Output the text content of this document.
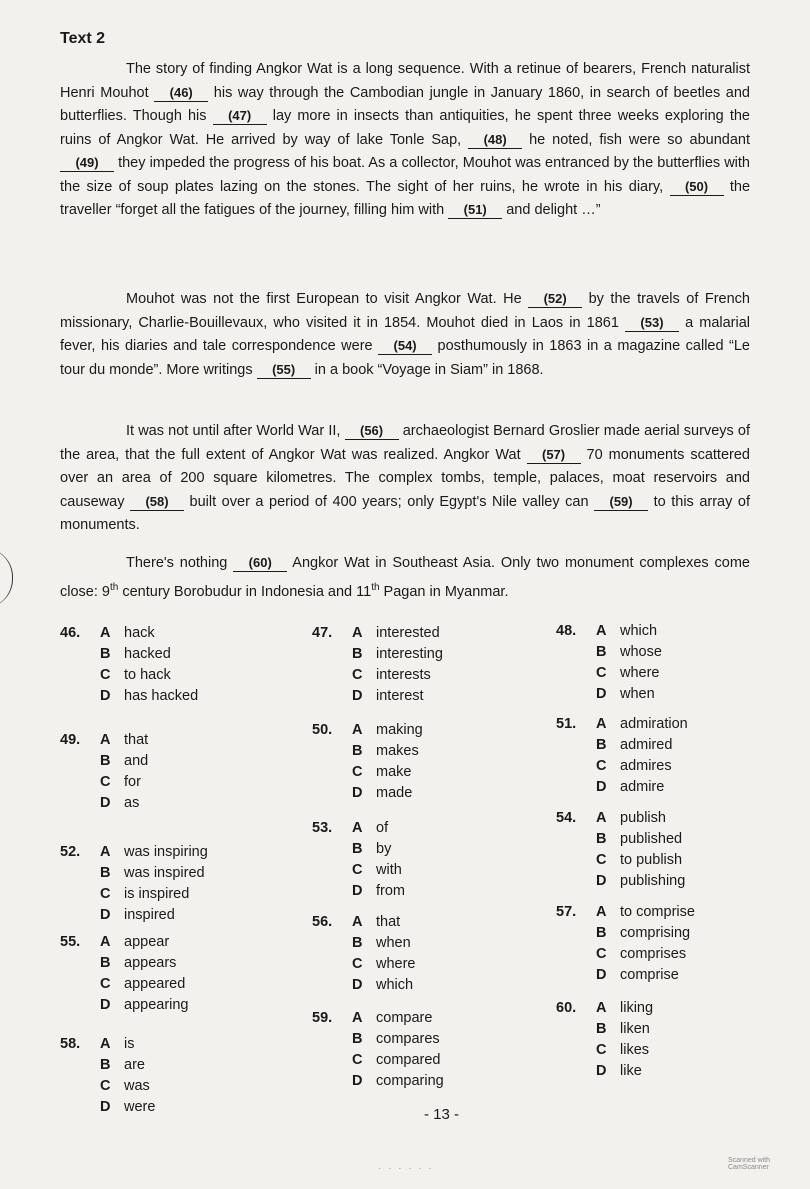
Text 2
The story of finding Angkor Wat is a long sequence. With a retinue of bearers, French naturalist Henri Mouhot (46) his way through the Cambodian jungle in January 1860, in search of beetles and butterflies. Though his (47) lay more in insects than antiquities, he spent three weeks exploring the ruins of Angkor Wat. He arrived by way of lake Tonle Sap, (48) he noted, fish were so abundant (49) they impeded the progress of his boat. As a collector, Mouhot was entranced by the butterflies with the size of soup plates lazing on the stones. The sight of her ruins, he wrote in his diary, (50) the traveller “forget all the fatigues of the journey, filling him with (51) and delight …”
Mouhot was not the first European to visit Angkor Wat. He (52) by the travels of French missionary, Charlie-Bouillevaux, who visited it in 1854. Mouhot died in Laos in 1861 (53) a malarial fever, his diaries and tale correspondence were (54) posthumously in 1863 in a magazine called “Le tour du monde”. More writings (55) in a book “Voyage in Siam” in 1868.
It was not until after World War II, (56) archaeologist Bernard Groslier made aerial surveys of the area, that the full extent of Angkor Wat was realized. Angkor Wat (57) 70 monuments scattered over an area of 200 square kilometres. The complex tombs, temple, palaces, moat reservoirs and causeway (58) built over a period of 400 years; only Egypt's Nile valley can (59) to this array of monuments.
There's nothing (60) Angkor Wat in Southeast Asia. Only two monument complexes come close: 9th century Borobudur in Indonesia and 11th Pagan in Myanmar.
46. A hack
B hacked
C to hack
D has hacked
47. A interested
B interesting
C interests
D interest
48. A which
B whose
C where
D when
49. A that
B and
C for
D as
50. A making
B makes
C make
D made
51. A admiration
B admired
C admires
D admire
52. A was inspiring
B was inspired
C is inspired
D inspired
53. A of
B by
C with
D from
54. A publish
B published
C to publish
D publishing
55. A appear
B appears
C appeared
D appearing
56. A that
B when
C where
D which
57. A to comprise
B comprising
C comprises
D comprise
58. A is
B are
C was
D were
59. A compare
B compares
C compared
D comparing
60. A liking
B liken
C likes
D like
- 13 -
· · · · · ·
Scanned with CamScanner
